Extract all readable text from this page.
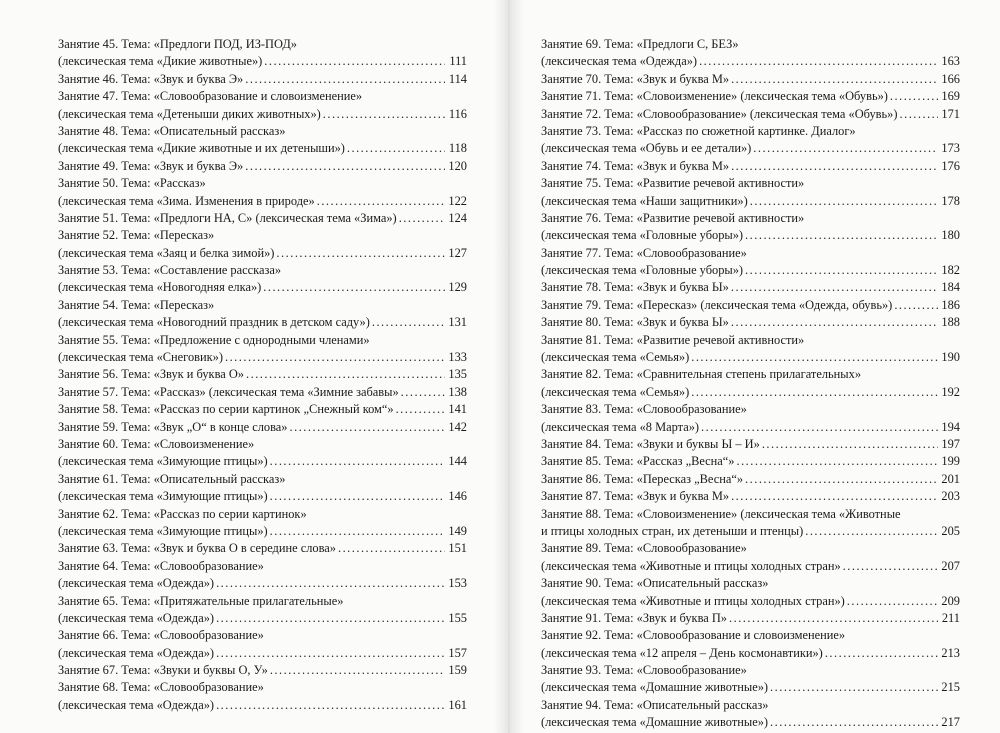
Занятие 45. Тема: «Предлоги ПОД, ИЗ-ПОД»
(лексическая тема «Дикие животные») .....	111
Занятие 46. Тема: «Звук и буква Э» .....	114
Занятие 47. Тема: «Словообразование и словоизменение»
(лексическая тема «Детеныши диких животных») .....	116
Занятие 48. Тема: «Описательный рассказ»
(лексическая тема «Дикие животные и их детеныши») .....	118
Занятие 49. Тема: «Звук и буква Э» .....	120
Занятие 50. Тема: «Рассказ»
(лексическая тема «Зима. Изменения в природе» .....	122
Занятие 51. Тема: «Предлоги НА, С» (лексическая тема «Зима») .....	124
Занятие 52. Тема: «Пересказ»
(лексическая тема «Заяц и белка зимой») .....	127
Занятие 53. Тема: «Составление рассказа»
(лексическая тема «Новогодняя елка») .....	129
Занятие 54. Тема: «Пересказ»
(лексическая тема «Новогодний праздник в детском саду») .....	131
Занятие 55. Тема: «Предложение с однородными членами»
(лексическая тема «Снеговик») .....	133
Занятие 56. Тема: «Звук и буква О» .....	135
Занятие 57. Тема: «Рассказ» (лексическая тема «Зимние забавы» .....	138
Занятие 58. Тема: «Рассказ по серии картинок „Снежный ком“» .....	141
Занятие 59. Тема: «Звук „О“ в конце слова» .....	142
Занятие 60. Тема: «Словоизменение»
(лексическая тема «Зимующие птицы») .....	144
Занятие 61. Тема: «Описательный рассказ»
(лексическая тема «Зимующие птицы») .....	146
Занятие 62. Тема: «Рассказ по серии картинок»
(лексическая тема «Зимующие птицы») .....	149
Занятие 63. Тема: «Звук и буква О в середине слова» .....	151
Занятие 64. Тема: «Словообразование»
(лексическая тема «Одежда») .....	153
Занятие 65. Тема: «Притяжательные прилагательные»
(лексическая тема «Одежда») .....	155
Занятие 66. Тема: «Словообразование»
(лексическая тема «Одежда») .....	157
Занятие 67. Тема: «Звуки и буквы О, У» .....	159
Занятие 68. Тема: «Словообразование»
(лексическая тема «Одежда») .....	161
Занятие 69. Тема: «Предлоги С, БЕЗ»
(лексическая тема «Одежда») .....	163
Занятие 70. Тема: «Звук и буква М» .....	166
Занятие 71. Тема: «Словоизменение» (лексическая тема «Обувь») .....	169
Занятие 72. Тема: «Словообразование» (лексическая тема «Обувь») .....	171
Занятие 73. Тема: «Рассказ по сюжетной картинке. Диалог»
(лексическая тема «Обувь и ее детали») .....	173
Занятие 74. Тема: «Звук и буква М» .....	176
Занятие 75. Тема: «Развитие речевой активности»
(лексическая тема «Наши защитники») .....	178
Занятие 76. Тема: «Развитие речевой активности»
(лексическая тема «Головные уборы») .....	180
Занятие 77. Тема: «Словообразование»
(лексическая тема «Головные уборы») .....	182
Занятие 78. Тема: «Звук и буква Ы» .....	184
Занятие 79. Тема: «Пересказ» (лексическая тема «Одежда, обувь») .....	186
Занятие 80. Тема: «Звук и буква Ы» .....	188
Занятие 81. Тема: «Развитие речевой активности»
(лексическая тема «Семья») .....	190
Занятие 82. Тема: «Сравнительная степень прилагательных»
(лексическая тема «Семья») .....	192
Занятие 83. Тема: «Словообразование»
(лексическая тема «8 Марта») .....	194
Занятие 84. Тема: «Звуки и буквы Ы – И» .....	197
Занятие 85. Тема: «Рассказ „Весна“» .....	199
Занятие 86. Тема: «Пересказ „Весна“» .....	201
Занятие 87. Тема: «Звук и буква М» .....	203
Занятие 88. Тема: «Словоизменение» (лексическая тема «Животные
и птицы холодных стран, их детеныши и птенцы) .....	205
Занятие 89. Тема: «Словообразование»
(лексическая тема «Животные и птицы холодных стран» .....	207
Занятие 90. Тема: «Описательный рассказ»
(лексическая тема «Животные и птицы холодных стран») .....	209
Занятие 91. Тема: «Звук и буква П» .....	211
Занятие 92. Тема: «Словообразование и словоизменение»
(лексическая тема «12 апреля – День космонавтики») .....	213
Занятие 93. Тема: «Словообразование»
(лексическая тема «Домашние животные») .....	215
Занятие 94. Тема: «Описательный рассказ»
(лексическая тема «Домашние животные») .....	217
